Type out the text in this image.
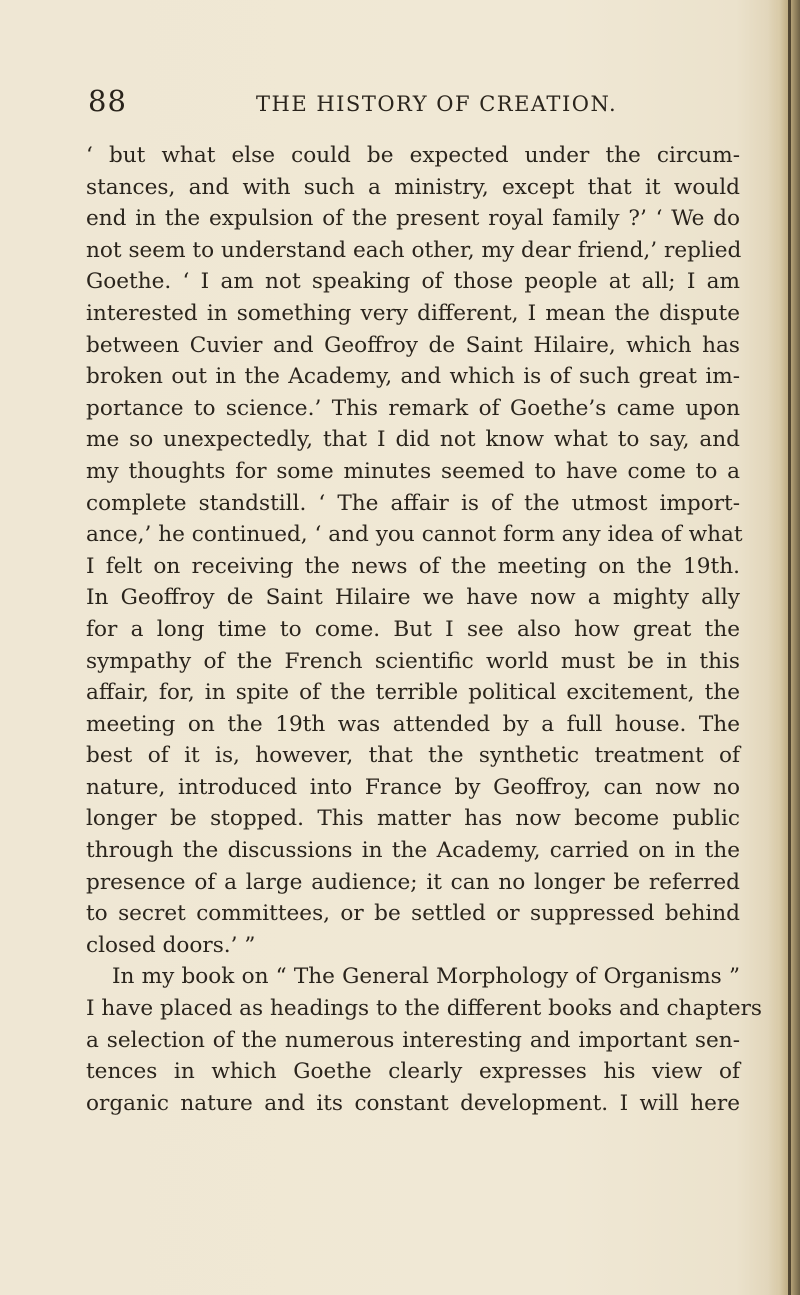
88	THE HISTORY OF CREATION.
‘ but what else could be expected under the circum-
stances, and with such a ministry, except that it would
end in the expulsion of the present royal family ?’ ‘ We do
not seem to understand each other, my dear friend,’ replied
Goethe. ‘ I am not speaking of those people at all; I am
interested in something very different, I mean the dispute
between Cuvier and Geoffroy de Saint Hilaire, which has
broken out in the Academy, and which is of such great im-
portance to science.’ This remark of Goethe’s came upon
me so unexpectedly, that I did not know what to say, and
my thoughts for some minutes seemed to have come to a
complete standstill. ‘ The affair is of the utmost import-
ance,’ he continued, ‘ and you cannot form any idea of what
I felt on receiving the news of the meeting on the 19th.
In Geoffroy de Saint Hilaire we have now a mighty ally
for a long time to come. But I see also how great the
sympathy of the French scientific world must be in this
affair, for, in spite of the terrible political excitement, the
meeting on the 19th was attended by a full house. The
best of it is, however, that the synthetic treatment of
nature, introduced into France by Geoffroy, can now no
longer be stopped. This matter has now become public
through the discussions in the Academy, carried on in the
presence of a large audience; it can no longer be referred
to secret committees, or be settled or suppressed behind
closed doors.’ ”
In my book on “ The General Morphology of Organisms ”
I have placed as headings to the different books and chapters
a selection of the numerous interesting and important sen-
tences in which Goethe clearly expresses his view of
organic nature and its constant development. I will here
